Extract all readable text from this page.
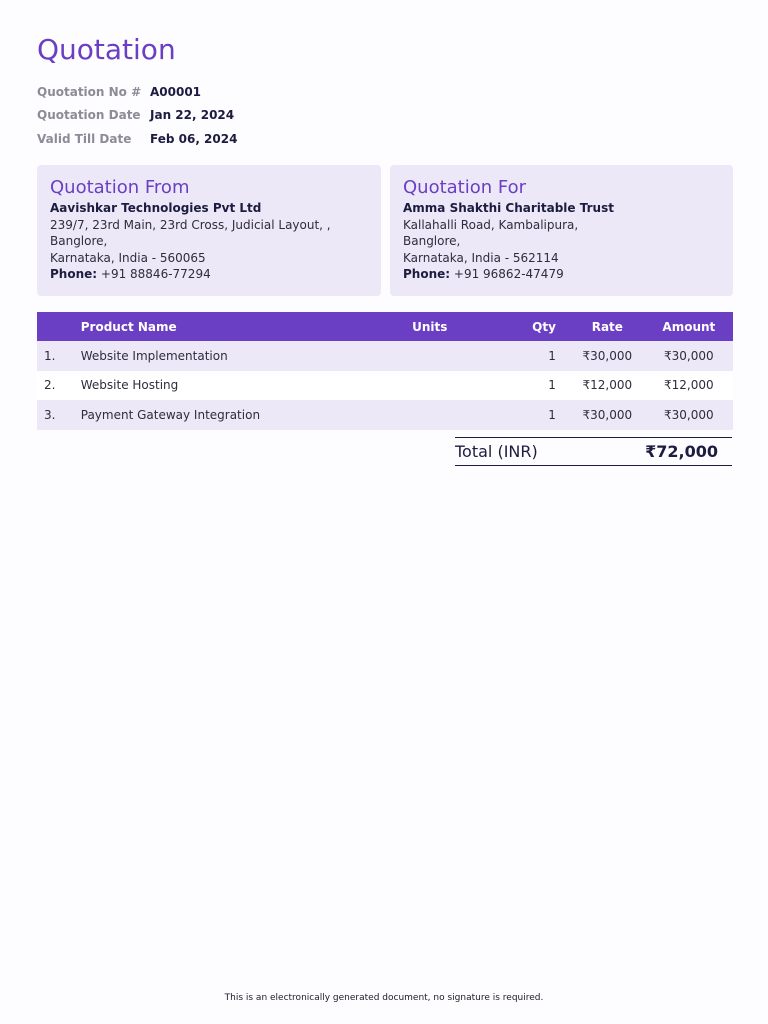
Quotation
Quotation No # A00001
Quotation Date Jan 22, 2024
Valid Till Date	Feb 06, 2024
Quotation From
Aavishkar Technologies Pvt Ltd
239/7, 23rd Main, 23rd Cross, Judicial Layout, ,
Banglore,
Karnataka, India - 560065
Phone: +91 88846-77294
Quotation For
Amma Shakthi Charitable Trust
Kallahalli Road, Kambalipura,
Banglore,
Karnataka, India - 562114
Phone: +91 96862-47479
	Product Name	Units	Qty	Rate	Amount
1.	Website Implementation		1	₹30,000	₹30,000
2.	Website Hosting		1	₹12,000	₹12,000
3.	Payment Gateway Integration		1	₹30,000	₹30,000
Total (INR)	₹72,000
This is an electronically generated document, no signature is required.
